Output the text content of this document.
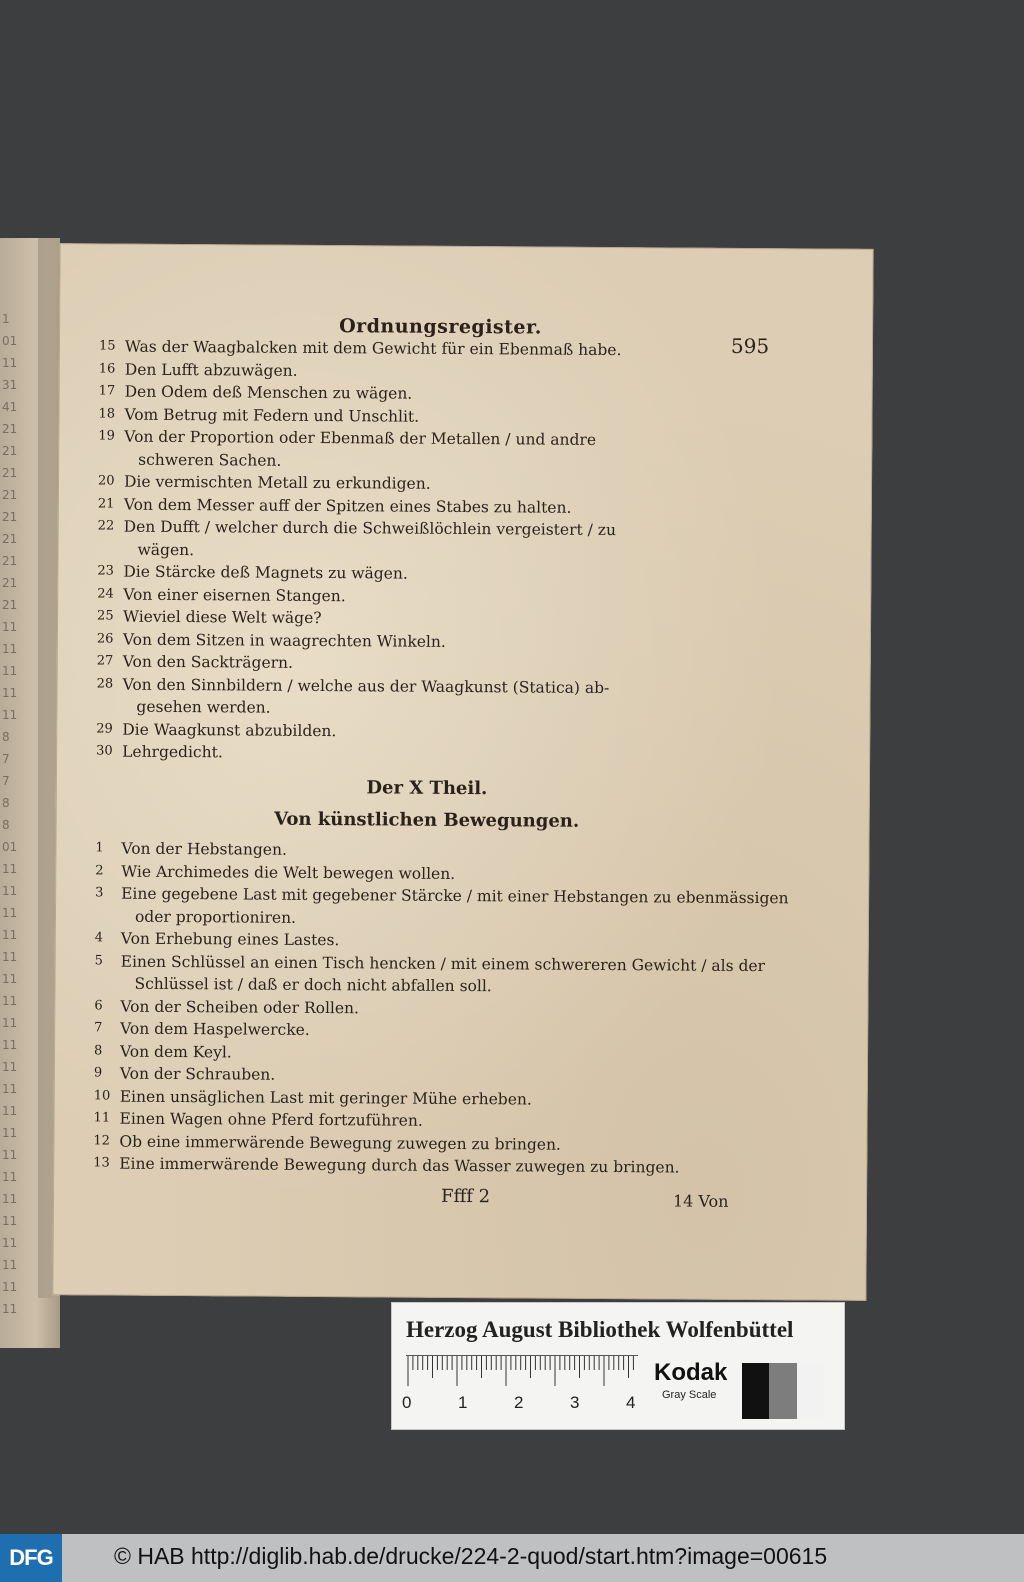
1
01
11
31
41
21
21
21
21
21
21
21
21
21
11
11
11
11
11
8
7
7
8
8
01
11
11
11
11
11
11
11
11
11
11
11
11
11
11
11
11
11
11
11
11
11
Ordnungsregister.
595
15 Was der Waagbalcken mit dem Gewicht für ein Ebenmaß habe.
16 Den Lufft abzuwägen.
17 Den Odem deß Menschen zu wägen.
18 Vom Betrug mit Federn und Unschlit.
19 Von der Proportion oder Ebenmaß der Metallen / und andre
schweren Sachen.
20 Die vermischten Metall zu erkundigen.
21 Von dem Messer auff der Spitzen eines Stabes zu halten.
22 Den Dufft / welcher durch die Schweißlöchlein vergeistert / zu
wägen.
23 Die Stärcke deß Magnets zu wägen.
24 Von einer eisernen Stangen.
25 Wieviel diese Welt wäge?
26 Von dem Sitzen in waagrechten Winkeln.
27 Von den Sackträgern.
28 Von den Sinnbildern / welche aus der Waagkunst (Statica) ab-
gesehen werden.
29 Die Waagkunst abzubilden.
30 Lehrgedicht.
Der X Theil.
Von künstlichen Bewegungen.
1 Von der Hebstangen.
2 Wie Archimedes die Welt bewegen wollen.
3 Eine gegebene Last mit gegebener Stärcke / mit einer Hebstangen zu ebenmässigen
oder proportioniren.
4 Von Erhebung eines Lastes.
5 Einen Schlüssel an einen Tisch hencken / mit einem schwereren Gewicht / als der
Schlüssel ist / daß er doch nicht abfallen soll.
6 Von der Scheiben oder Rollen.
7 Von dem Haspelwercke.
8 Von dem Keyl.
9 Von der Schrauben.
10 Einen unsäglichen Last mit geringer Mühe erheben.
11 Einen Wagen ohne Pferd fortzuführen.
12 Ob eine immerwärende Bewegung zuwegen zu bringen.
13 Eine immerwärende Bewegung durch das Wasser zuwegen zu bringen.
Ffff 2	14 Von
Herzog August Bibliothek Wolfenbüttel
0	1	2	3	4
Kodak
Gray Scale
DFG	© HAB http://diglib.hab.de/drucke/224-2-quod/start.htm?image=00615
